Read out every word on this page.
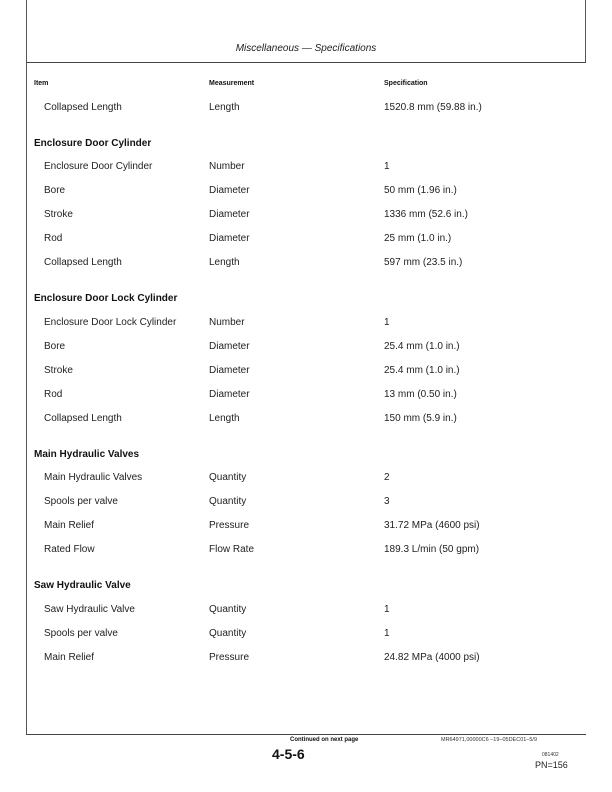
Miscellaneous — Specifications
Item	Measurement	Specification
Collapsed Length	Length	1520.8 mm (59.88 in.)
Enclosure Door Cylinder
Enclosure Door Cylinder	Number	1
Bore	Diameter	50 mm (1.96 in.)
Stroke	Diameter	1336 mm (52.6 in.)
Rod	Diameter	25 mm (1.0 in.)
Collapsed Length	Length	597 mm (23.5 in.)
Enclosure Door Lock Cylinder
Enclosure Door Lock Cylinder	Number	1
Bore	Diameter	25.4 mm (1.0 in.)
Stroke	Diameter	25.4 mm (1.0 in.)
Rod	Diameter	13 mm (0.50 in.)
Collapsed Length	Length	150 mm (5.9 in.)
Main Hydraulic Valves
Main Hydraulic Valves	Quantity	2
Spools per valve	Quantity	3
Main Relief	Pressure	31.72 MPa (4600 psi)
Rated Flow	Flow Rate	189.3 L/min (50 gpm)
Saw Hydraulic Valve
Saw Hydraulic Valve	Quantity	1
Spools per valve	Quantity	1
Main Relief	Pressure	24.82 MPa (4000 psi)
Continued on next page	MR64971,00000C6 –19–05DEC01–5/9
4-5-6	081402
PN=156
